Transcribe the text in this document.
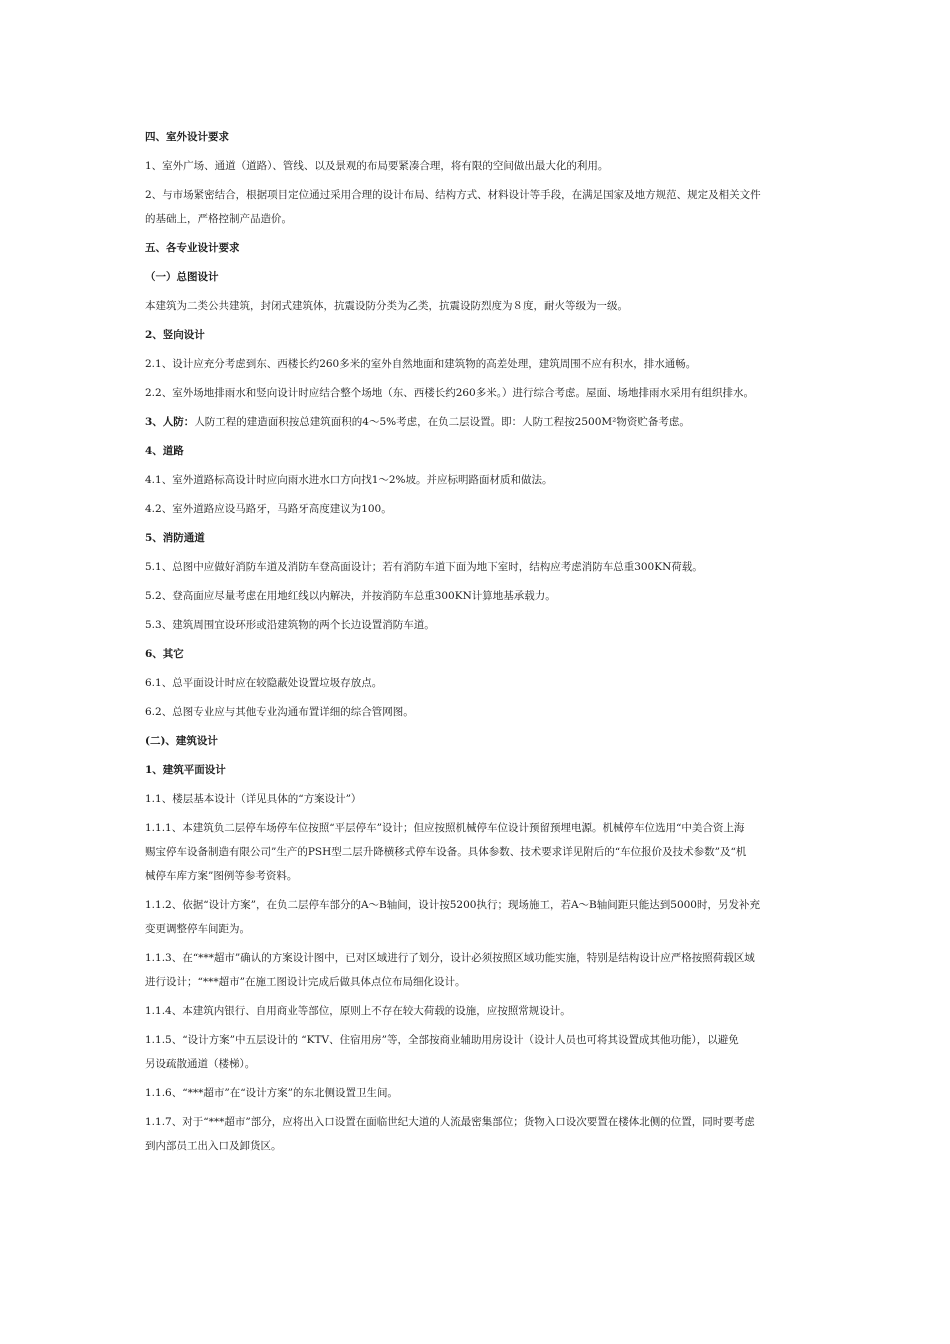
四、室外设计要求
1、室外广场、通道（道路）、管线、以及景观的布局要紧凑合理，将有限的空间做出最大化的利用。
2、与市场紧密结合，根据项目定位通过采用合理的设计布局、结构方式、材料设计等手段，在满足国家及地方规范、规定及相关文件
的基础上，严格控制产品造价。
五、各专业设计要求
（一）总图设计
本建筑为二类公共建筑，封闭式建筑体，抗震设防分类为乙类，抗震设防烈度为８度，耐火等级为一级。
2、竖向设计
2.1、设计应充分考虑到东、西楼长约260多米的室外自然地面和建筑物的高差处理，建筑周围不应有积水，排水通畅。
2.2、室外场地排雨水和竖向设计时应结合整个场地（东、西楼长约260多米。）进行综合考虑。屋面、场地排雨水采用有组织排水。
3、人防：人防工程的建造面积按总建筑面积的4～5%考虑，在负二层设置。即：人防工程按2500M²物资贮备考虑。
4、道路
4.1、室外道路标高设计时应向雨水进水口方向找1～2%坡。并应标明路面材质和做法。
4.2、室外道路应设马路牙，马路牙高度建议为100。
5、消防通道
5.1、总图中应做好消防车道及消防车登高面设计；若有消防车道下面为地下室时，结构应考虑消防车总重300KN荷载。
5.2、登高面应尽量考虑在用地红线以内解决，并按消防车总重300KN计算地基承载力。
5.3、建筑周围宜设环形或沿建筑物的两个长边设置消防车道。
6、其它
6.1、总平面设计时应在较隐蔽处设置垃圾存放点。
6.2、总图专业应与其他专业沟通布置详细的综合管网图。
(二)、建筑设计
1、建筑平面设计
1.1、楼层基本设计（详见具体的“方案设计”）
1.1.1、本建筑负二层停车场停车位按照“平层停车”设计；但应按照机械停车位设计预留预埋电源。机械停车位选用“中美合资上海
赐宝停车设备制造有限公司”生产的PSH型二层升降横移式停车设备。具体参数、技术要求详见附后的“车位报价及技术参数”及“机
械停车库方案”图例等参考资料。
1.1.2、依据“设计方案”，在负二层停车部分的A～B轴间，设计按5200执行；现场施工，若A～B轴间距只能达到5000时，另发补充
变更调整停车间距为。
1.1.3、在“***超市”确认的方案设计图中，已对区域进行了划分，设计必须按照区域功能实施，特别是结构设计应严格按照荷载区域
进行设计；“***超市”在施工图设计完成后做具体点位布局细化设计。
1.1.4、本建筑内银行、自用商业等部位，原则上不存在较大荷载的设施，应按照常规设计。
1.1.5、“设计方案”中五层设计的 “KTV、住宿用房”等，全部按商业辅助用房设计（设计人员也可将其设置成其他功能），以避免
另设疏散通道（楼梯）。
1.1.6、“***超市”在“设计方案”的东北侧设置卫生间。
1.1.7、对于“***超市”部分，应将出入口设置在面临世纪大道的人流最密集部位；货物入口设次要置在楼体北侧的位置，同时要考虑
到内部员工出入口及卸货区。
